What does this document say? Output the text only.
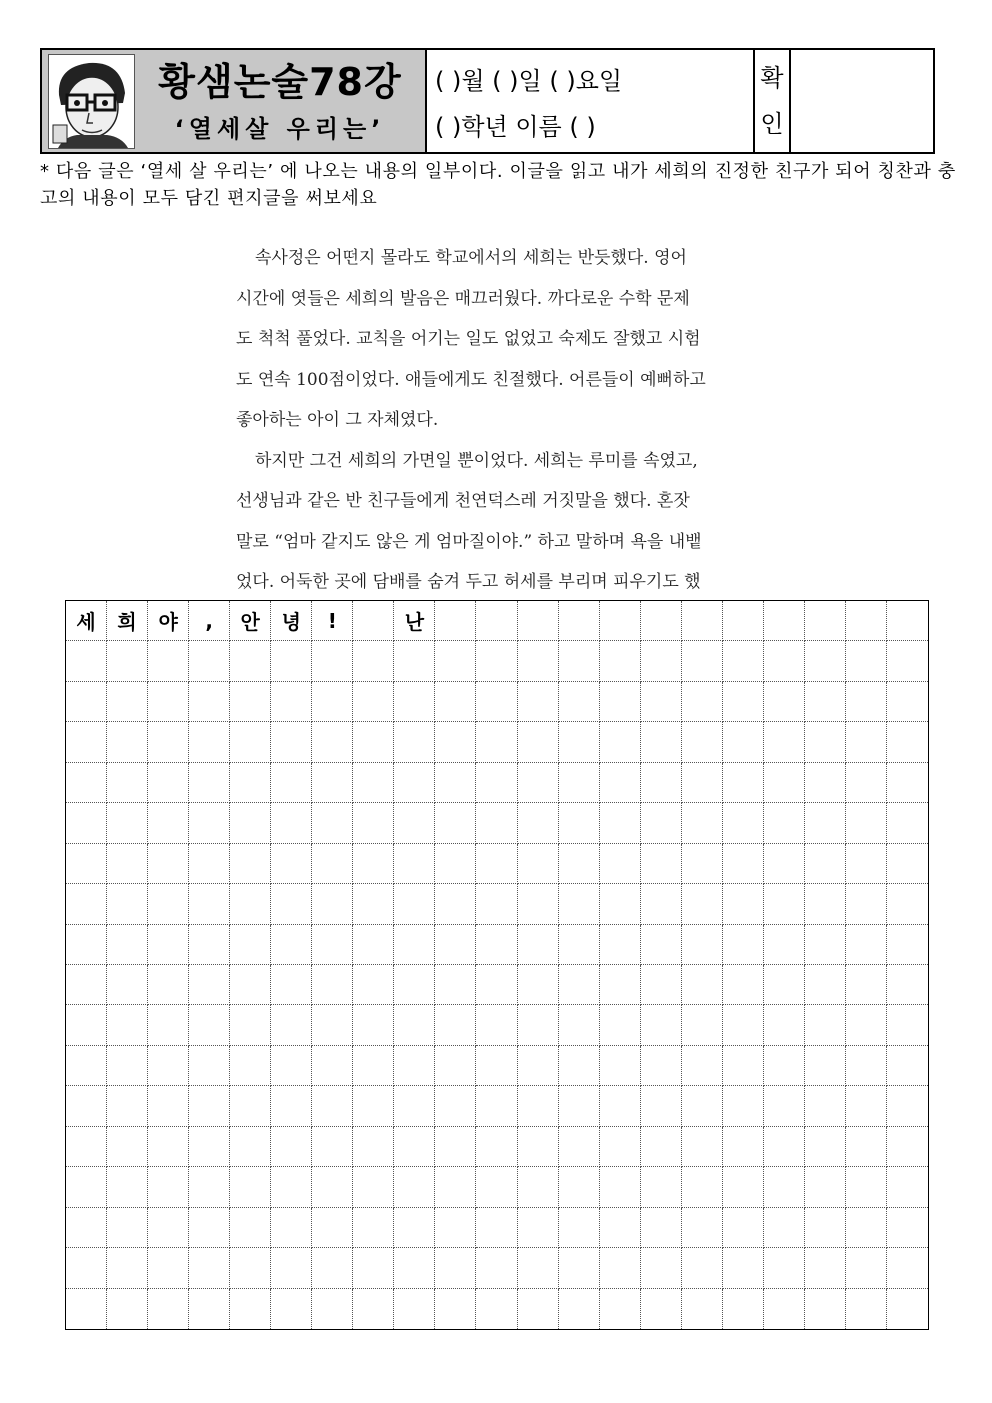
황샘논술78강
‘열세살 우리는’
( )월 ( )일 ( )요일
( )학년 이름 ( )
확
인
* 다음 글은 ‘열세 살 우리는’ 에 나오는 내용의 일부이다. 이글을 읽고 내가 세희의 진정한 친구가 되어 칭찬과 충고의 내용이 모두 담긴 편지글을 써보세요
속사정은 어떤지 몰라도 학교에서의 세희는 반듯했다. 영어
시간에 엿들은 세희의 발음은 매끄러웠다. 까다로운 수학 문제
도 척척 풀었다. 교칙을 어기는 일도 없었고 숙제도 잘했고 시험
도 연속 100점이었다. 애들에게도 친절했다. 어른들이 예뻐하고
좋아하는 아이 그 자체였다.
하지만 그건 세희의 가면일 뿐이었다. 세희는 루미를 속였고,
선생님과 같은 반 친구들에게 천연덕스레 거짓말을 했다. 혼잣
말로 “엄마 같지도 않은 게 엄마질이야.” 하고 말하며 욕을 내뱉
었다. 어둑한 곳에 담배를 숨겨 두고 허세를 부리며 피우기도 했
세	희	야	,	안	녕	!	난
